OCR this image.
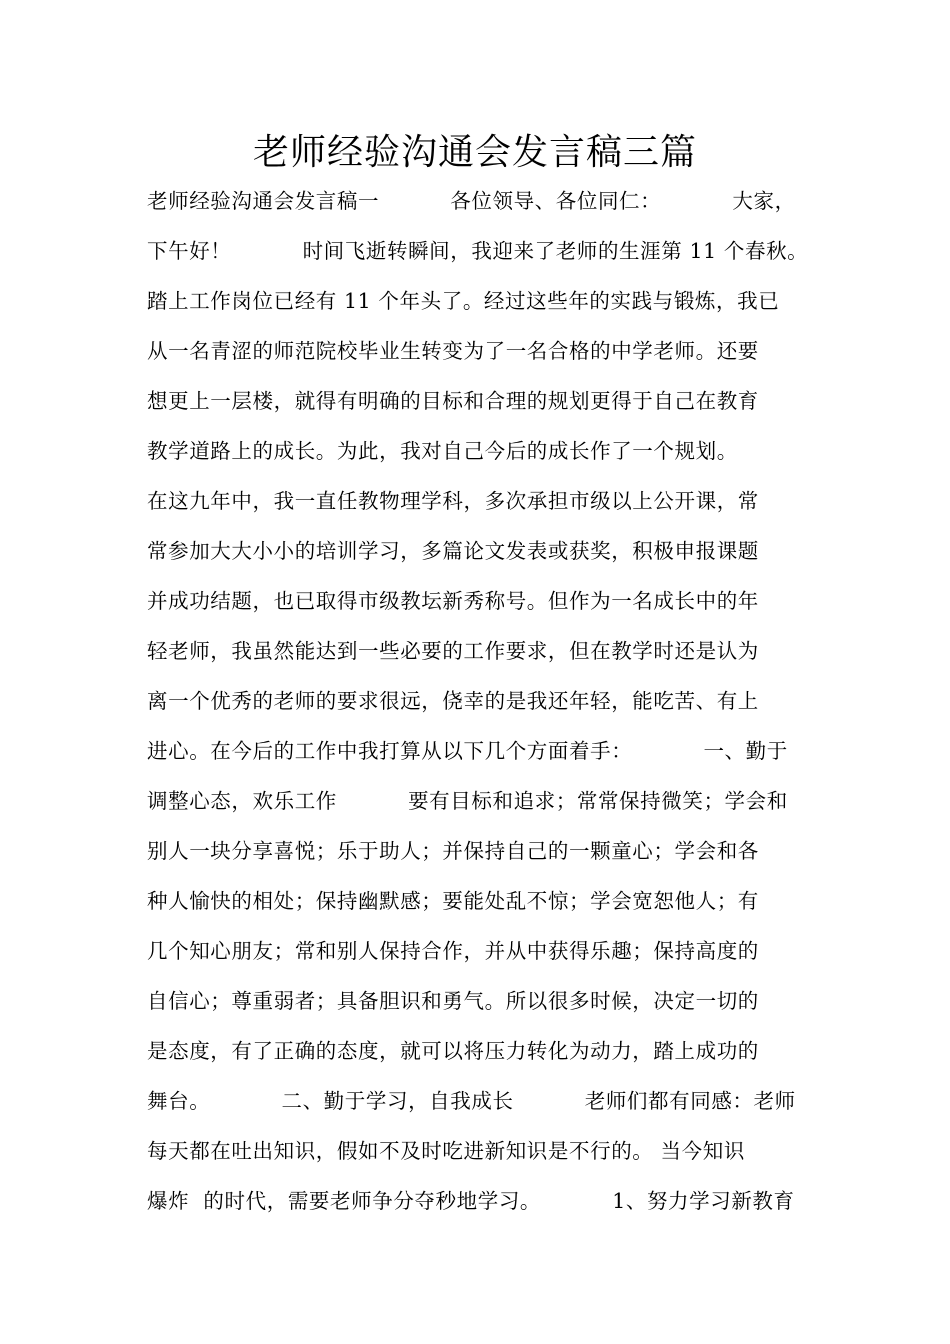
老师经验沟通会发言稿三篇
老师经验沟通会发言稿一          各位领导、各位同仁：          大家，
下午好！          时间飞逝转瞬间，我迎来了老师的生涯第 11 个春秋。
踏上工作岗位已经有 11 个年头了。经过这些年的实践与锻炼，我已
从一名青涩的师范院校毕业生转变为了一名合格的中学老师。还要
想更上一层楼，就得有明确的目标和合理的规划更得于自己在教育
教学道路上的成长。为此，我对自己今后的成长作了一个规划。
在这九年中，我一直任教物理学科，多次承担市级以上公开课，常
常参加大大小小的培训学习，多篇论文发表或获奖，积极申报课题
并成功结题，也已取得市级教坛新秀称号。但作为一名成长中的年
轻老师，我虽然能达到一些必要的工作要求，但在教学时还是认为
离一个优秀的老师的要求很远，侥幸的是我还年轻，能吃苦、有上
进心。在今后的工作中我打算从以下几个方面着手：          一、勤于
调整心态，欢乐工作          要有目标和追求；常常保持微笑；学会和
别人一块分享喜悦；乐于助人；并保持自己的一颗童心；学会和各
种人愉快的相处；保持幽默感；要能处乱不惊；学会宽恕他人；有
几个知心朋友；常和别人保持合作，并从中获得乐趣；保持高度的
自信心；尊重弱者；具备胆识和勇气。所以很多时候，决定一切的
是态度，有了正确的态度，就可以将压力转化为动力，踏上成功的
舞台。          二、勤于学习，自我成长          老师们都有同感：老师
每天都在吐出知识，假如不及时吃进新知识是不行的。 当今知识
爆炸  的时代，需要老师争分夺秒地学习。          1、努力学习新教育
